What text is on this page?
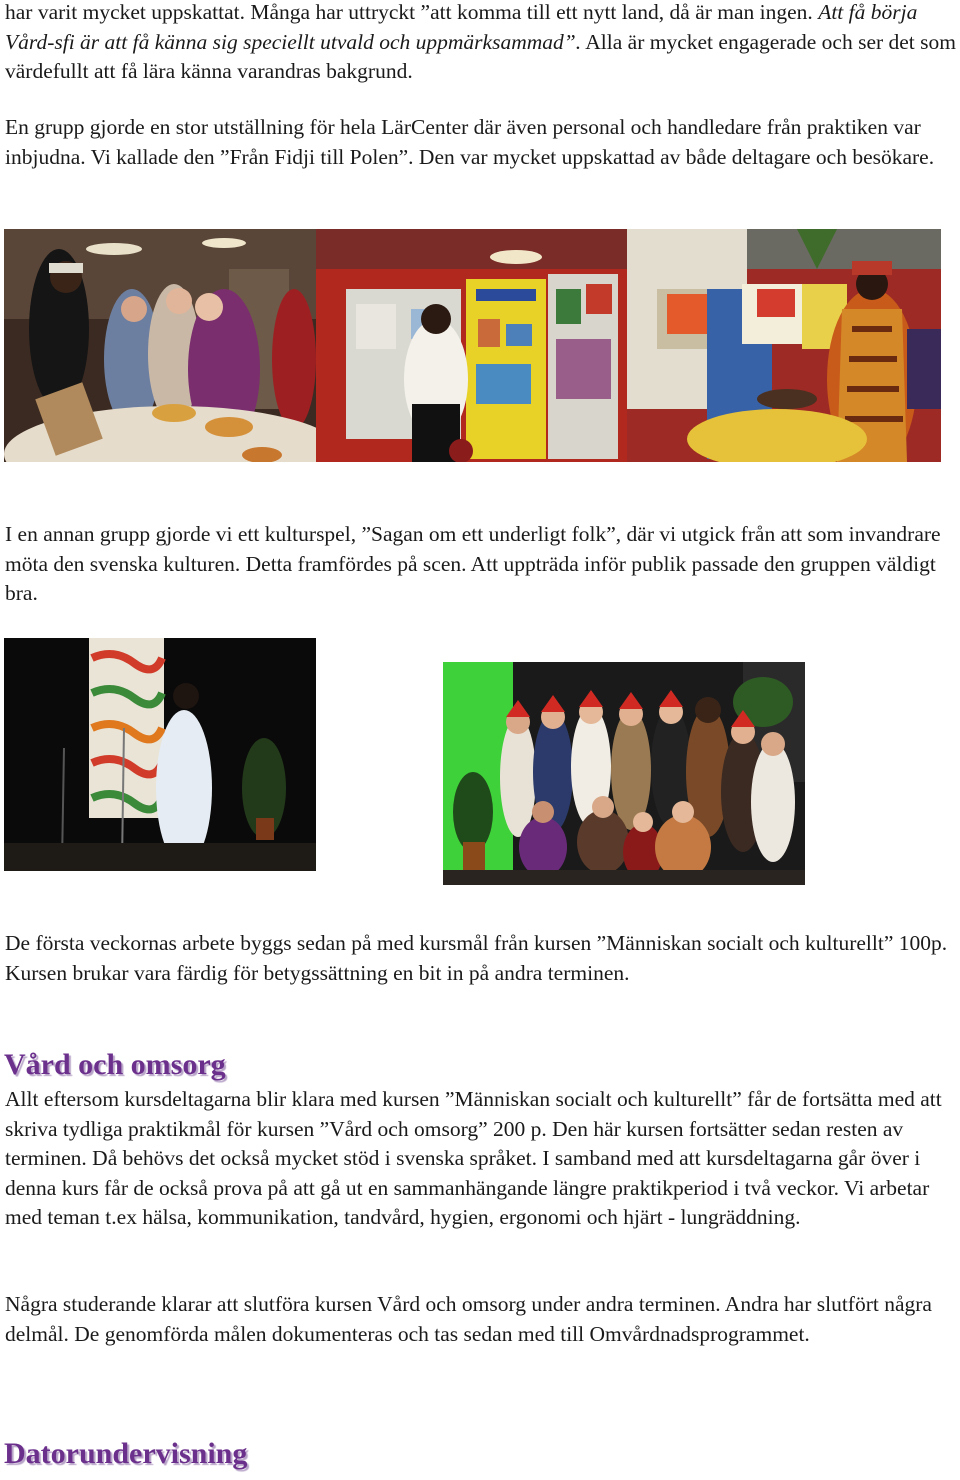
har varit mycket uppskattat. Många har uttryckt ”att komma till ett nytt land, då är man ingen. Att få börja Vård-sfi är att få känna sig speciellt utvald och uppmärksammad”. Alla är mycket engagerade och ser det som värdefullt att få lära känna varandras bakgrund.

En grupp gjorde en stor utställning för hela LärCenter där även personal och handledare från praktiken var inbjudna. Vi kallade den ”Från Fidji till Polen”. Den var mycket uppskattad av både deltagare och besökare.

I en annan grupp gjorde vi ett kulturspel, ”Sagan om ett underligt folk”, där vi utgick från att som invandrare möta den svenska kulturen. Detta framfördes på scen. Att uppträda inför publik passade den gruppen väldigt bra.

De första veckornas arbete byggs sedan på med kursmål från kursen ”Människan socialt och kulturellt” 100p. Kursen brukar vara färdig för betygssättning en bit in på andra terminen.

Vård och omsorg

Allt eftersom kursdeltagarna blir klara med kursen ”Människan socialt och kulturellt” får de fortsätta med att skriva tydliga praktikmål för kursen ”Vård och omsorg” 200 p. Den här kursen fortsätter sedan resten av terminen. Då behövs det också mycket stöd i svenska språket. I samband med att kursdeltagarna går över i denna kurs får de också prova på att gå ut en sammanhängande längre praktikperiod i två veckor. Vi arbetar med teman t.ex hälsa, kommunikation, tandvård, hygien, ergonomi och hjärt - lungräddning.

Några studerande klarar att slutföra kursen Vård och omsorg under andra terminen. Andra har slutfört några delmål. De genomförda målen dokumenteras och tas sedan med till Omvårdnadsprogrammet.

Datorundervisning
